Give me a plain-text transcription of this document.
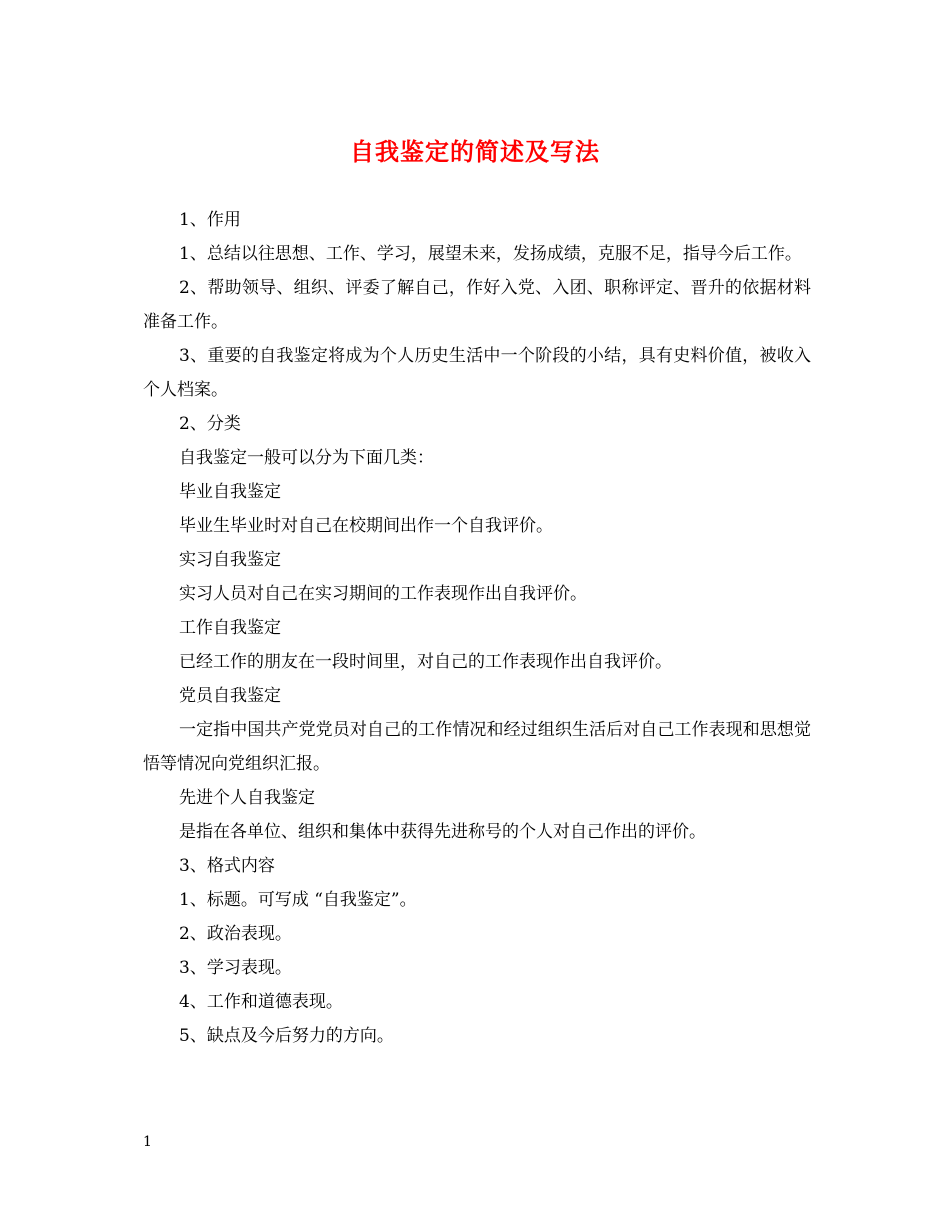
自我鉴定的简述及写法

1、作用

1、总结以往思想、工作、学习，展望未来，发扬成绩，克服不足，指导今后工作。

2、帮助领导、组织、评委了解自己，作好入党、入团、职称评定、晋升的依据材料准备工作。

3、重要的自我鉴定将成为个人历史生活中一个阶段的小结，具有史料价值，被收入个人档案。

2、分类

自我鉴定一般可以分为下面几类：

毕业自我鉴定

毕业生毕业时对自己在校期间出作一个自我评价。

实习自我鉴定

实习人员对自己在实习期间的工作表现作出自我评价。

工作自我鉴定

已经工作的朋友在一段时间里，对自己的工作表现作出自我评价。

党员自我鉴定

一定指中国共产党党员对自己的工作情况和经过组织生活后对自己工作表现和思想觉悟等情况向党组织汇报。

先进个人自我鉴定

是指在各单位、组织和集体中获得先进称号的个人对自己作出的评价。

3、格式内容

1、标题。可写成 “自我鉴定”。

2、政治表现。

3、学习表现。

4、工作和道德表现。

5、缺点及今后努力的方向。

1
